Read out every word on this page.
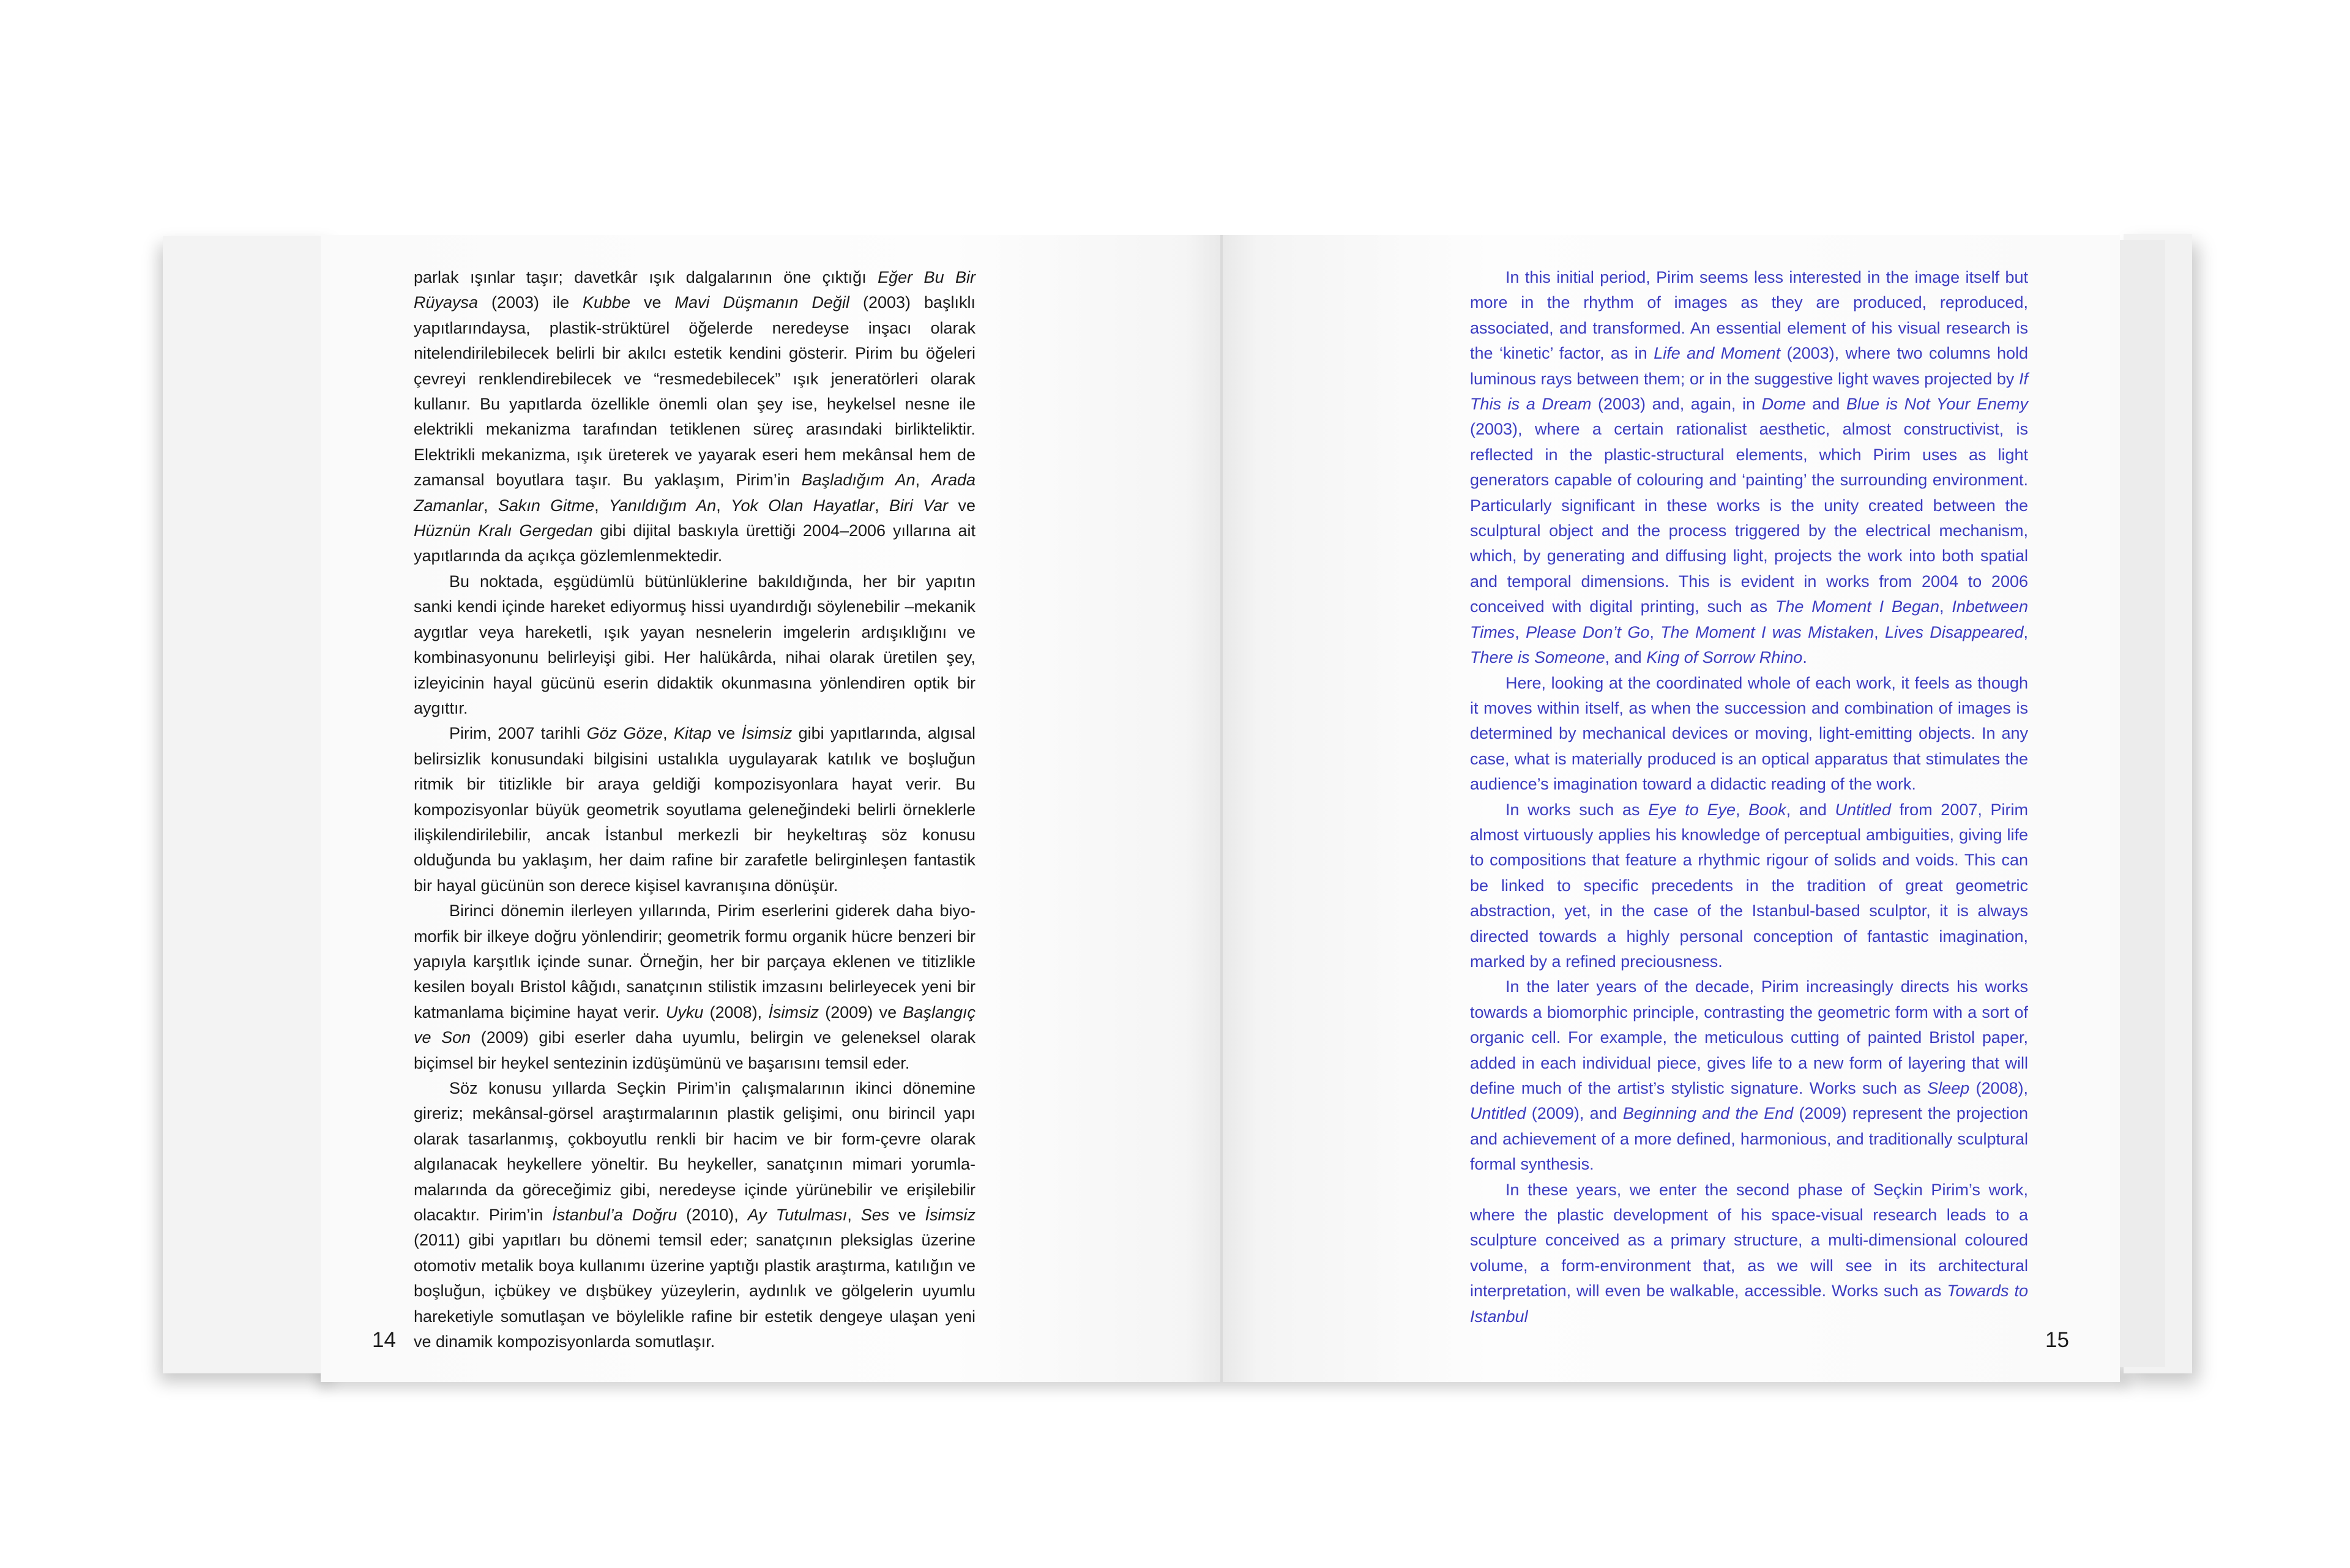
parlak ışınlar taşır; davetkâr ışık dalgalarının öne çıktığı Eğer Bu Bir Rüyaysa (2003) ile Kubbe ve Mavi Düşmanın Değil (2003) başlıklı yapıtlarındaysa, plastik-strüktürel öğelerde neredeyse inşacı olarak nitelendirilebilecek belirli bir akılcı estetik kendini gösterir. Pirim bu öğeleri çevreyi renklendirebilecek ve “resmedebilecek” ışık jeneratörleri olarak kullanır. Bu yapıtlarda özellikle önemli olan şey ise, heykelsel nesne ile elektrikli mekanizma tarafından tetiklenen süreç arasındaki birlikteliktir. Elektrikli mekanizma, ışık üreterek ve yayarak eseri hem mekânsal hem de zamansal boyutlara taşır. Bu yaklaşım, Pirim’in Başladığım An, Arada Zamanlar, Sakın Gitme, Yanıldığım An, Yok Olan Hayatlar, Biri Var ve Hüznün Kralı Gergedan gibi dijital baskıyla ürettiği 2004–2006 yıllarına ait yapıtlarında da açıkça gözlemlenmektedir.

Bu noktada, eşgüdümlü bütünlüklerine bakıldığında, her bir yapıtın sanki kendi içinde hareket ediyormuş hissi uyandırdığı söylenebilir –mekanik aygıtlar veya hareketli, ışık yayan nesnelerin imgelerin ardışıklığını ve kombinasyonunu belirleyişi gibi. Her halükârda, nihai olarak üretilen şey, izleyicinin hayal gücünü eserin didaktik okunmasına yönlendiren optik bir aygıttır.

Pirim, 2007 tarihli Göz Göze, Kitap ve İsimsiz gibi yapıtlarında, algısal belirsizlik konusundaki bilgisini ustalıkla uygulayarak katılık ve boşluğun ritmik bir titizlikle bir araya geldiği kompozisyonlara hayat verir. Bu kompozisyonlar büyük geometrik soyutlama geleneğindeki belirli örneklerle ilişkilendirilebilir, ancak İstanbul merkezli bir heykeltıraş söz konusu olduğunda bu yaklaşım, her daim rafine bir zarafetle belirginleşen fantastik bir hayal gücünün son derece kişisel kavranışına dönüşür.

Birinci dönemin ilerleyen yıllarında, Pirim eserlerini giderek daha biyomorfik bir ilkeye doğru yönlendirir; geometrik formu organik hücre benzeri bir yapıyla karşıtlık içinde sunar. Örneğin, her bir parçaya eklenen ve titizlikle kesilen boyalı Bristol kâğıdı, sanatçının stilistik imzasını belirleyecek yeni bir katmanlama biçimine hayat verir. Uyku (2008), İsimsiz (2009) ve Başlangıç ve Son (2009) gibi eserler daha uyumlu, belirgin ve geleneksel olarak biçimsel bir heykel sentezinin izdüşümünü ve başarısını temsil eder.

Söz konusu yıllarda Seçkin Pirim’in çalışmalarının ikinci dönemine gireriz; mekânsal-görsel araştırmalarının plastik gelişimi, onu birincil yapı olarak tasarlanmış, çokboyutlu renkli bir hacim ve bir form-çevre olarak algılanacak heykellere yöneltir. Bu heykeller, sanatçının mimari yorumlamalarında da göreceğimiz gibi, neredeyse içinde yürünebilir ve erişilebilir olacaktır. Pirim’in İstanbul’a Doğru (2010), Ay Tutulması, Ses ve İsimsiz (2011) gibi yapıtları bu dönemi temsil eder; sanatçının pleksiglas üzerine otomotiv metalik boya kullanımı üzerine yaptığı plastik araştırma, katılığın ve boşluğun, içbükey ve dışbükey yüzeylerin, aydınlık ve gölgelerin uyumlu hareketiyle somutlaşan ve böylelikle rafine bir estetik dengeye ulaşan yeni ve dinamik kompozisyonlarda somutlaşır.

In this initial period, Pirim seems less interested in the image itself but more in the rhythm of images as they are produced, reproduced, associated, and transformed. An essential element of his visual research is the ‘kinetic’ factor, as in Life and Moment (2003), where two columns hold luminous rays between them; or in the suggestive light waves projected by If This is a Dream (2003) and, again, in Dome and Blue is Not Your Enemy (2003), where a certain rationalist aesthetic, almost constructivist, is reflected in the plastic-structural elements, which Pirim uses as light generators capable of colouring and ‘painting’ the surrounding environment. Particularly significant in these works is the unity created between the sculptural object and the process triggered by the electrical mechanism, which, by generating and diffusing light, projects the work into both spatial and temporal dimensions. This is evident in works from 2004 to 2006 conceived with digital printing, such as The Moment I Began, Inbetween Times, Please Don’t Go, The Moment I was Mistaken, Lives Disappeared, There is Someone, and King of Sorrow Rhino.

Here, looking at the coordinated whole of each work, it feels as though it moves within itself, as when the succession and combination of images is determined by mechanical devices or moving, light-emitting objects. In any case, what is materially produced is an optical apparatus that stimulates the audience’s imagination toward a didactic reading of the work.

In works such as Eye to Eye, Book, and Untitled from 2007, Pirim almost virtuously applies his knowledge of perceptual ambiguities, giving life to compositions that feature a rhythmic rigour of solids and voids. This can be linked to specific precedents in the tradition of great geometric abstraction, yet, in the case of the Istanbul-based sculptor, it is always directed towards a highly personal conception of fantastic imagination, marked by a refined preciousness.

In the later years of the decade, Pirim increasingly directs his works towards a biomorphic principle, contrasting the geometric form with a sort of organic cell. For example, the meticulous cutting of painted Bristol paper, added in each individual piece, gives life to a new form of layering that will define much of the artist’s stylistic signature. Works such as Sleep (2008), Untitled (2009), and Beginning and the End (2009) represent the projection and achievement of a more defined, harmonious, and traditionally sculptural formal synthesis.

In these years, we enter the second phase of Seçkin Pirim’s work, where the plastic development of his space-visual research leads to a sculpture conceived as a primary structure, a multi-dimensional coloured volume, a form-environment that, as we will see in its architectural interpretation, will even be walkable, accessible. Works such as Towards to Istanbul

14	15
